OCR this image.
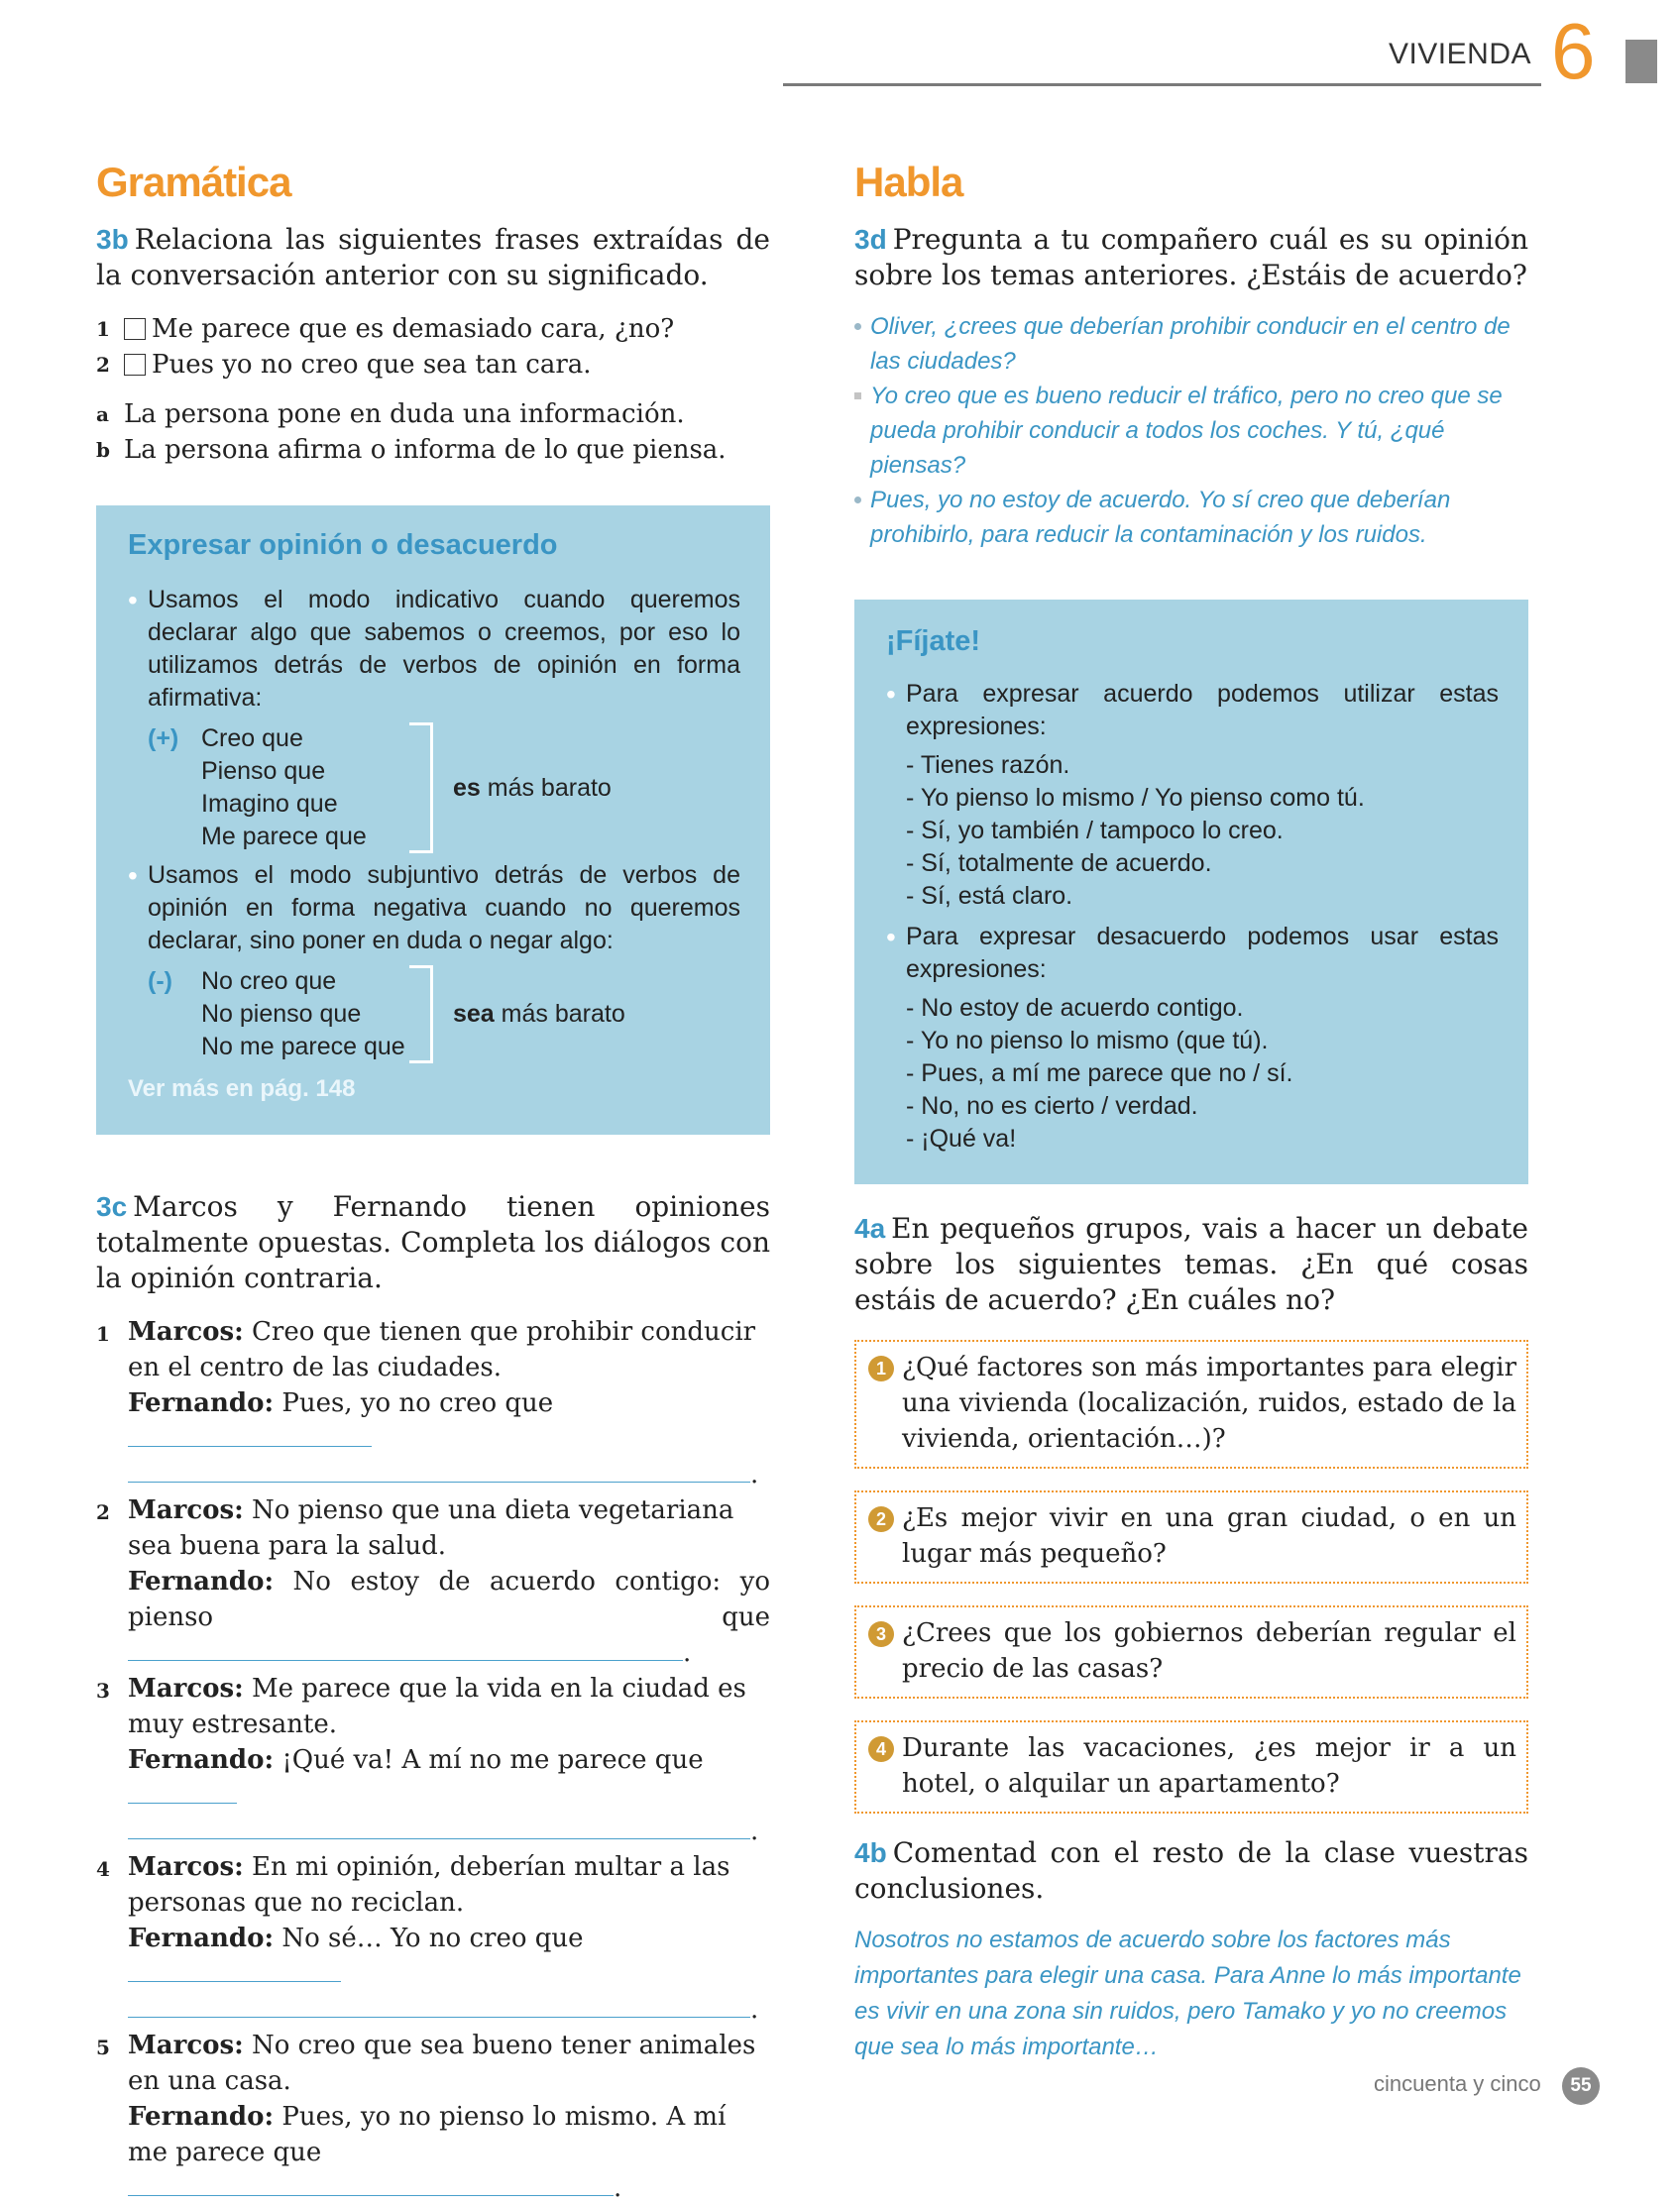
VIVIENDA 6
Gramática
3b Relaciona las siguientes frases extraídas de la conversación anterior con su significado.
1	Me parece que es demasiado cara, ¿no?
2	Pues yo no creo que sea tan cara.
a La persona pone en duda una información.
b La persona afirma o informa de lo que piensa.
Expresar opinión o desacuerdo
• Usamos el modo indicativo cuando queremos declarar algo que sabemos o creemos, por eso lo utilizamos detrás de verbos de opinión en forma afirmativa:
(+) Creo que
Pienso que
Imagino que
Me parece que
es más barato
• Usamos el modo subjuntivo detrás de verbos de opinión en forma negativa cuando no queremos declarar, sino poner en duda o negar algo:
(-)	No creo que
No pienso que
No me parece que
sea más barato
Ver más en pág. 148
3c Marcos y Fernando tienen opiniones totalmente opuestas. Completa los diálogos con la opinión contraria.
1 Marcos: Creo que tienen que prohibir conducir en el centro de las ciudades.
Fernando: Pues, yo no creo que
.
2 Marcos: No pienso que una dieta vegetariana sea buena para la salud.
Fernando: No estoy de acuerdo contigo: yo pienso que .
3 Marcos: Me parece que la vida en la ciudad es muy estresante.
Fernando: ¡Qué va! A mí no me parece que
.
4 Marcos: En mi opinión, deberían multar a las personas que no reciclan.
Fernando: No sé… Yo no creo que
.
5 Marcos: No creo que sea bueno tener animales en una casa.
Fernando: Pues, yo no pienso lo mismo. A mí me parece que .
Habla
3d Pregunta a tu compañero cuál es su opinión sobre los temas anteriores. ¿Estáis de acuerdo?
Oliver, ¿crees que deberían prohibir conducir en el centro de las ciudades?
Yo creo que es bueno reducir el tráfico, pero no creo que se pueda prohibir conducir a todos los coches. Y tú, ¿qué piensas?
Pues, yo no estoy de acuerdo. Yo sí creo que deberían prohibirlo, para reducir la contaminación y los ruidos.
¡Fíjate!
• Para expresar acuerdo podemos utilizar estas expresiones:
- Tienes razón.
- Yo pienso lo mismo / Yo pienso como tú.
- Sí, yo también / tampoco lo creo.
- Sí, totalmente de acuerdo.
- Sí, está claro.
• Para expresar desacuerdo podemos usar estas expresiones:
- No estoy de acuerdo contigo.
- Yo no pienso lo mismo (que tú).
- Pues, a mí me parece que no / sí.
- No, no es cierto / verdad.
- ¡Qué va!
4a En pequeños grupos, vais a hacer un debate sobre los siguientes temas. ¿En qué cosas estáis de acuerdo? ¿En cuáles no?
1 ¿Qué factores son más importantes para elegir una vivienda (localización, ruidos, estado de la vivienda, orientación…)?
2 ¿Es mejor vivir en una gran ciudad, o en un lugar más pequeño?
3 ¿Crees que los gobiernos deberían regular el precio de las casas?
4 Durante las vacaciones, ¿es mejor ir a un hotel, o alquilar un apartamento?
4b Comentad con el resto de la clase vuestras conclusiones.
Nosotros no estamos de acuerdo sobre los factores más importantes para elegir una casa. Para Anne lo más importante es vivir en una zona sin ruidos, pero Tamako y yo no creemos que sea lo más importante…
cincuenta y cinco	55
